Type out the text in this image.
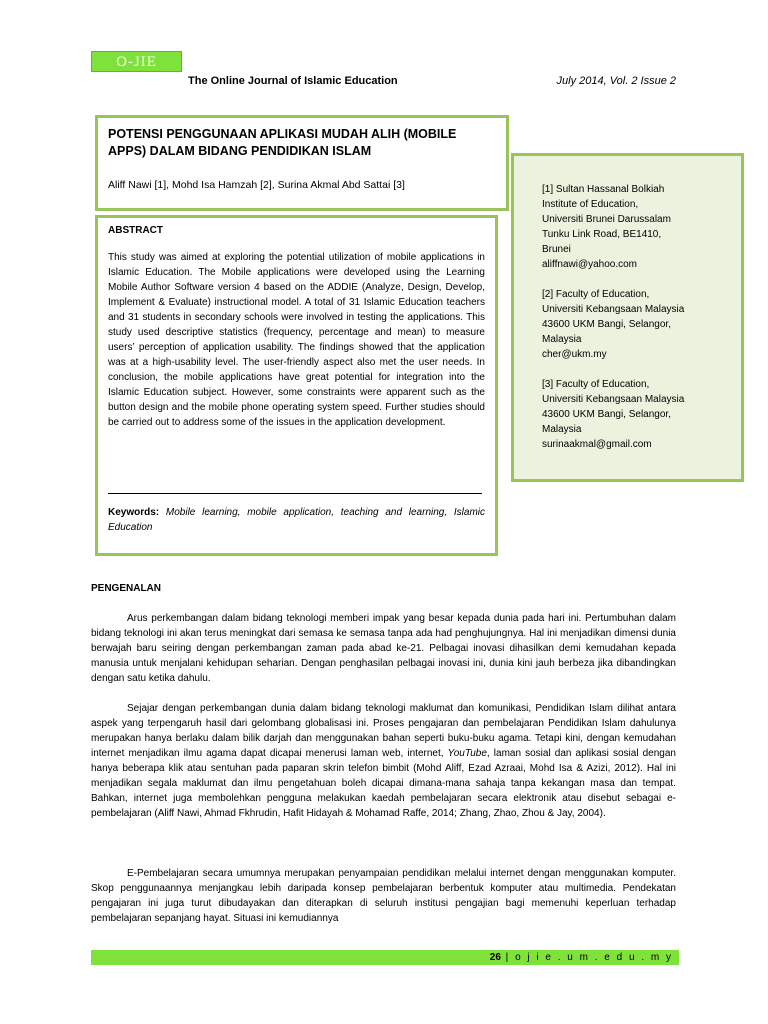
O-JIE
The Online Journal of Islamic Education	July 2014, Vol. 2 Issue 2

POTENSI PENGGUNAAN APLIKASI MUDAH ALIH (MOBILE APPS) DALAM BIDANG PENDIDIKAN ISLAM

Aliff Nawi [1], Mohd Isa Hamzah [2], Surina Akmal Abd Sattai [3]	[1] Sultan Hassanal Bolkiah
Institute of Education,
Universiti Brunei Darussalam
Tunku Link Road, BE1410,
Brunei
aliffnawi@yahoo.com
[2] Faculty of Education,
Universiti Kebangsaan Malaysia
43600 UKM Bangi, Selangor,
Malaysia
cher@ukm.my
[3] Faculty of Education,
Universiti Kebangsaan Malaysia
43600 UKM Bangi, Selangor,
Malaysia
surinaakmal@gmail.com
ABSTRACT
This study was aimed at exploring the potential utilization of mobile applications in Islamic Education. The Mobile applications were developed using the Learning Mobile Author Software version 4 based on the ADDIE (Analyze, Design, Develop, Implement & Evaluate) instructional model. A total of 31 Islamic Education teachers and 31 students in secondary schools were involved in testing the applications. This study used descriptive statistics (frequency, percentage and mean) to measure users’ perception of application usability. The findings showed that the application was at a high-usability level. The user-friendly aspect also met the user needs. In conclusion, the mobile applications have great potential for integration into the Islamic Education subject. However, some constraints were apparent such as the button design and the mobile phone operating system speed. Further studies should be carried out to address some of the issues in the application development.
Keywords: Mobile learning, mobile application, teaching and learning, Islamic Education
PENGENALAN

Arus perkembangan dalam bidang teknologi memberi impak yang besar kepada dunia pada hari ini. Pertumbuhan dalam bidang teknologi ini akan terus meningkat dari semasa ke semasa tanpa ada had penghujungnya. Hal ini menjadikan dimensi dunia berwajah baru seiring dengan perkembangan zaman pada abad ke-21. Pelbagai inovasi dihasilkan demi kemudahan kepada manusia untuk menjalani kehidupan seharian. Dengan penghasilan pelbagai inovasi ini, dunia kini jauh berbeza jika dibandingkan dengan satu ketika dahulu.

Sejajar dengan perkembangan dunia dalam bidang teknologi maklumat dan komunikasi, Pendidikan Islam dilihat antara aspek yang terpengaruh hasil dari gelombang globalisasi ini. Proses pengajaran dan pembelajaran Pendidikan Islam dahulunya merupakan hanya berlaku dalam bilik darjah dan menggunakan bahan seperti buku-buku agama. Tetapi kini, dengan kemudahan internet menjadikan ilmu agama dapat dicapai menerusi laman web, internet, YouTube, laman sosial dan aplikasi sosial dengan hanya beberapa klik atau sentuhan pada paparan skrin telefon bimbit (Mohd Aliff, Ezad Azraai, Mohd Isa & Azizi, 2012). Hal ini menjadikan segala maklumat dan ilmu pengetahuan boleh dicapai dimana-mana sahaja tanpa kekangan masa dan tempat. Bahkan, internet juga membolehkan pengguna melakukan kaedah pembelajaran secara elektronik atau disebut sebagai e-pembelajaran (Aliff Nawi, Ahmad Fkhrudin, Hafit Hidayah & Mohamad Raffe, 2014; Zhang, Zhao, Zhou & Jay, 2004).

E-Pembelajaran secara umumnya merupakan penyampaian pendidikan melalui internet dengan menggunakan komputer. Skop penggunaannya menjangkau lebih daripada konsep pembelajaran berbentuk komputer atau multimedia. Pendekatan pengajaran ini juga turut dibudayakan dan diterapkan di seluruh institusi pengajian bagi memenuhi keperluan terhadap pembelajaran sepanjang hayat. Situasi ini kemudiannya

26 | o j i e . u m . e d u . m y
